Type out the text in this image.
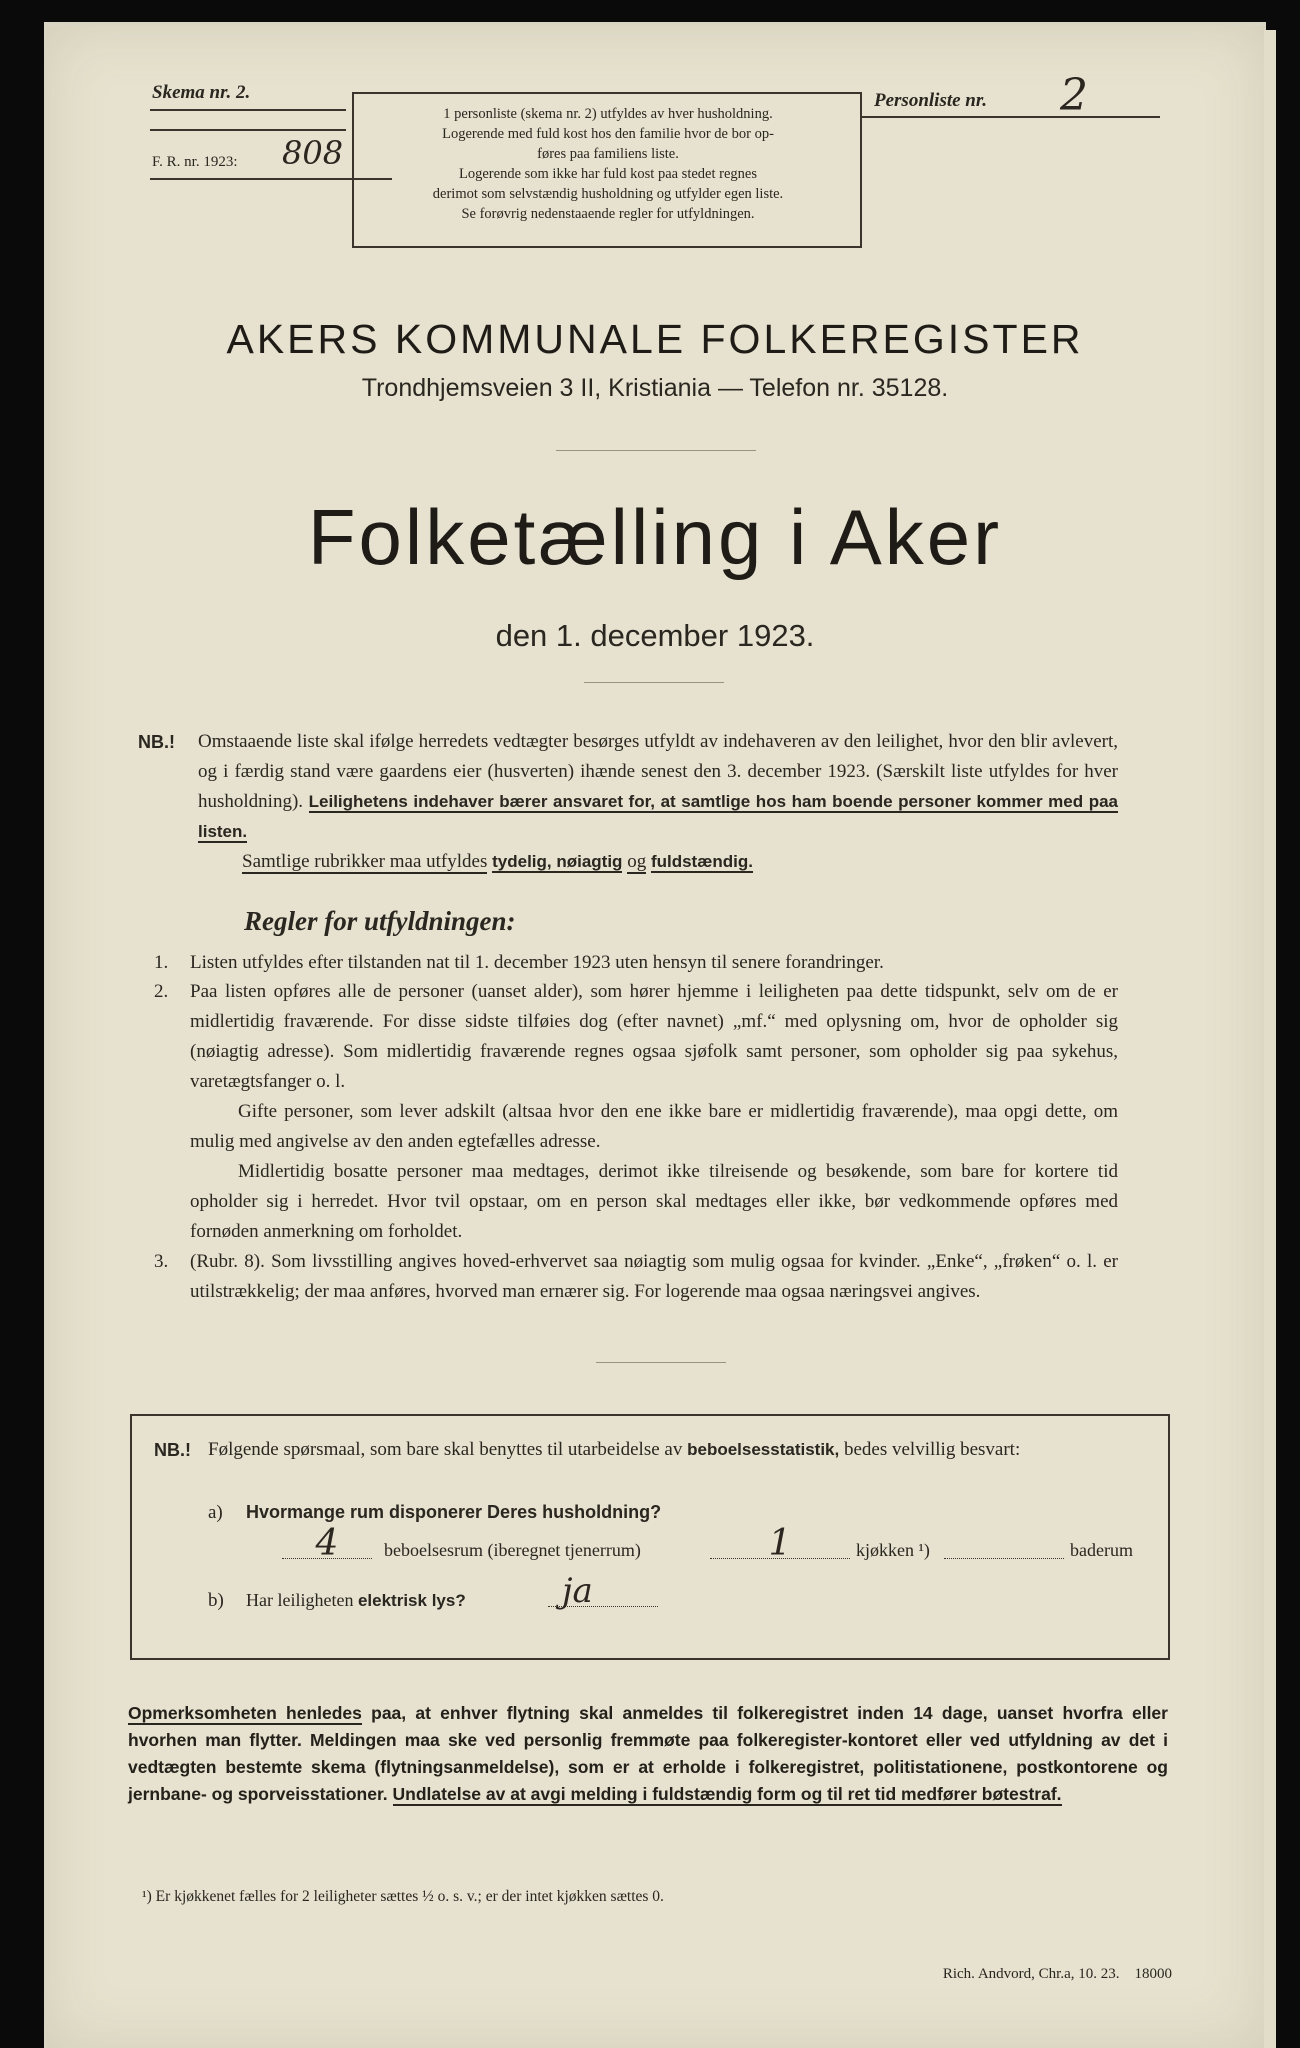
Skema nr. 2.
F. R. nr. 1923: 808
1 personliste (skema nr. 2) utfyldes av hver husholdning.
Logerende med fuld kost hos den familie hvor de bor op-
føres paa familiens liste.
Logerende som ikke har fuld kost paa stedet regnes
derimot som selvstændig husholdning og utfylder egen liste.
Se forøvrig nedenstaaende regler for utfyldningen.
Personliste nr. 2
AKERS KOMMUNALE FOLKEREGISTER
Trondhjemsveien 3 II, Kristiania — Telefon nr. 35128.
Folketælling i Aker
den 1. december 1923.
NB.! Omstaaende liste skal ifølge herredets vedtægter besørges utfyldt av indehaveren av den leilighet, hvor den blir avlevert, og i færdig stand være gaardens eier (husverten) ihænde senest den 3. december 1923. (Særskilt liste utfyldes for hver husholdning). Leilighetens indehaver bærer ansvaret for, at samtlige hos ham boende personer kommer med paa listen.
Samtlige rubrikker maa utfyldes tydelig, nøiagtig og fuldstændig.
Regler for utfyldningen:
1. Listen utfyldes efter tilstanden nat til 1. december 1923 uten hensyn til senere forandringer.
2. Paa listen opføres alle de personer (uanset alder), som hører hjemme i leiligheten paa dette tidspunkt, selv om de er midlertidig fraværende. For disse sidste tilføies dog (efter navnet) „mf.“ med oplysning om, hvor de opholder sig (nøiagtig adresse). Som midlertidig fraværende regnes ogsaa sjøfolk samt personer, som opholder sig paa sykehus, varetægtsfanger o. l.
Gifte personer, som lever adskilt (altsaa hvor den ene ikke bare er midlertidig fraværende), maa opgi dette, om mulig med angivelse av den anden egtefælles adresse.
Midlertidig bosatte personer maa medtages, derimot ikke tilreisende og besøkende, som bare for kortere tid opholder sig i herredet. Hvor tvil opstaar, om en person skal medtages eller ikke, bør vedkommende opføres med fornøden anmerkning om forholdet.
3. (Rubr. 8). Som livsstilling angives hoved-erhvervet saa nøiagtig som mulig ogsaa for kvinder. „Enke“, „frøken“ o. l. er utilstrækkelig; der maa anføres, hvorved man ernærer sig. For logerende maa ogsaa næringsvei angives.
NB.! Følgende spørsmaal, som bare skal benyttes til utarbeidelse av beboelsesstatistik, bedes velvillig besvart:
a) Hvormange rum disponerer Deres husholdning?
4	beboelsesrum (iberegnet tjenerrum)	1	kjøkken ¹)	baderum
b) Har leiligheten elektrisk lys?	ja
Opmerksomheten henledes paa, at enhver flytning skal anmeldes til folkeregistret inden 14 dage, uanset hvorfra eller hvorhen man flytter. Meldingen maa ske ved personlig fremmøte paa folkeregister-kontoret eller ved utfyldning av det i vedtægten bestemte skema (flytningsanmeldelse), som er at erholde i folkeregistret, politistationene, postkontorene og jernbane- og sporveisstationer. Undlatelse av at avgi melding i fuldstændig form og til ret tid medfører bøtestraf.
¹) Er kjøkkenet fælles for 2 leiligheter sættes ½ o. s. v.; er der intet kjøkken sættes 0.
Rich. Andvord, Chr.a, 10. 23.    18000
